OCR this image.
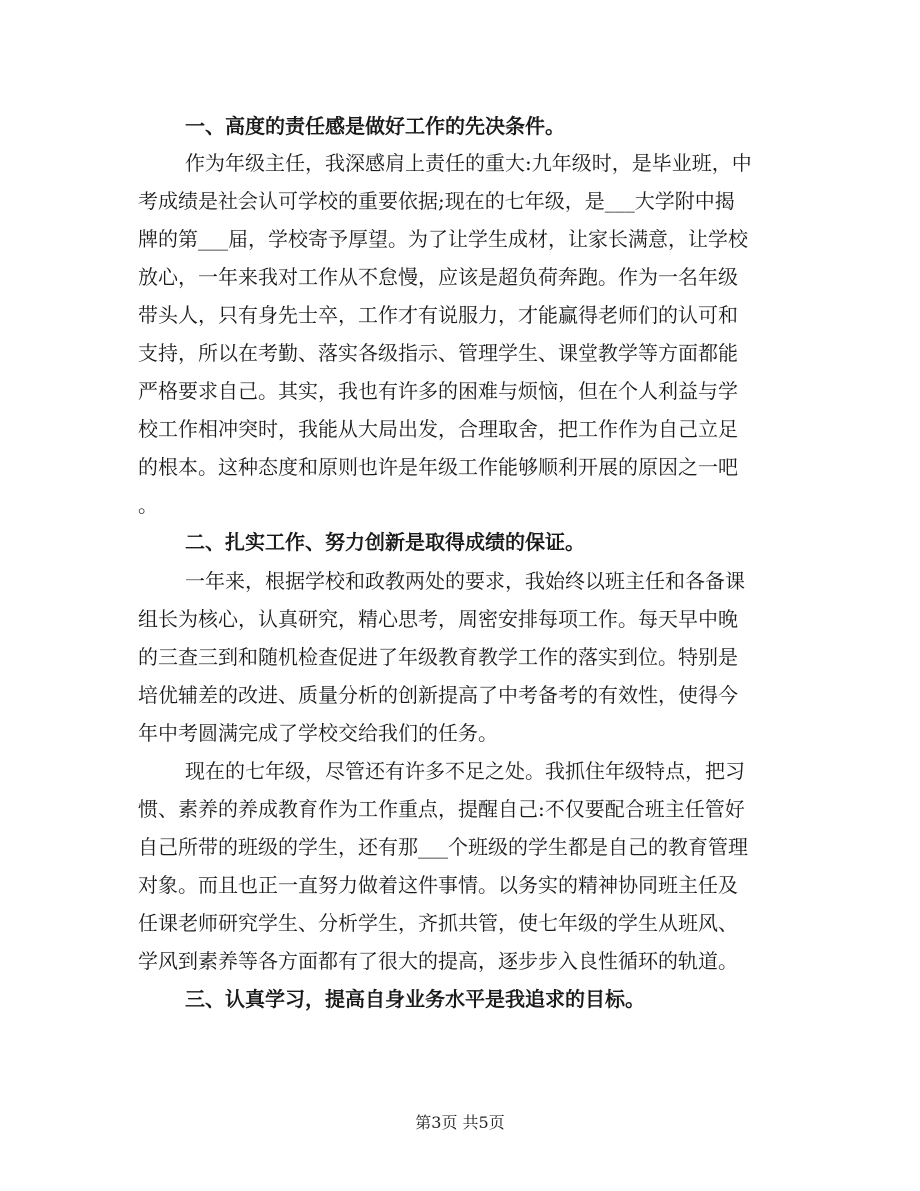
一、高度的责任感是做好工作的先决条件。
作为年级主任，我深感肩上责任的重大:九年级时，是毕业班，中
考成绩是社会认可学校的重要依据;现在的七年级，是___大学附中揭
牌的第___届，学校寄予厚望。为了让学生成材，让家长满意，让学校
放心，一年来我对工作从不怠慢，应该是超负荷奔跑。作为一名年级
带头人，只有身先士卒，工作才有说服力，才能赢得老师们的认可和
支持，所以在考勤、落实各级指示、管理学生、课堂教学等方面都能
严格要求自己。其实，我也有许多的困难与烦恼，但在个人利益与学
校工作相冲突时，我能从大局出发，合理取舍，把工作作为自己立足
的根本。这种态度和原则也许是年级工作能够顺利开展的原因之一吧
。
二、扎实工作、努力创新是取得成绩的保证。
一年来，根据学校和政教两处的要求，我始终以班主任和各备课
组长为核心，认真研究，精心思考，周密安排每项工作。每天早中晚
的三查三到和随机检查促进了年级教育教学工作的落实到位。特别是
培优辅差的改进、质量分析的创新提高了中考备考的有效性，使得今
年中考圆满完成了学校交给我们的任务。
现在的七年级，尽管还有许多不足之处。我抓住年级特点，把习
惯、素养的养成教育作为工作重点，提醒自己:不仅要配合班主任管好
自己所带的班级的学生，还有那___个班级的学生都是自己的教育管理
对象。而且也正一直努力做着这件事情。以务实的精神协同班主任及
任课老师研究学生、分析学生，齐抓共管，使七年级的学生从班风、
学风到素养等各方面都有了很大的提高，逐步步入良性循环的轨道。
三、认真学习，提高自身业务水平是我追求的目标。
第3页 共5页
